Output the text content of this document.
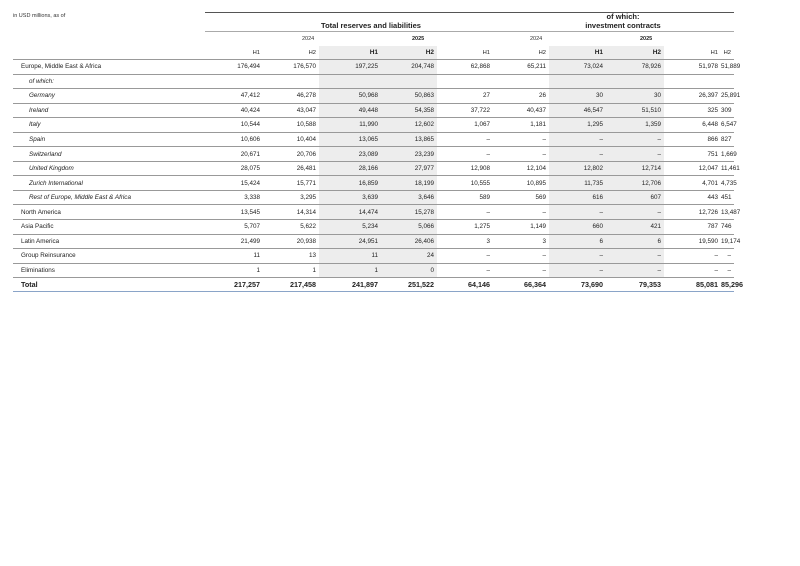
in USD millions, as of
Total reserves and liabilities
of which:
investment contracts
2024	2025	2024	2025
	H1	H2	H1	H2	H1	H2	H1	H2	H1	H2	
Europe, Middle East & Africa	176,494	176,570	197,225	204,748	62,868	65,211	73,024	78,926	51,978	51,889	
of which:											
Germany	47,412	46,278	50,968	50,863	27	26	30	30	26,397	25,891	
Ireland	40,424	43,047	49,448	54,358	37,722	40,437	46,547	51,510	325	309	
Italy	10,544	10,588	11,990	12,602	1,067	1,181	1,295	1,359	6,448	6,547	
Spain	10,606	10,404	13,065	13,865	–	–	–	–	866	827	
Switzerland	20,671	20,706	23,089	23,239	–	–	–	–	751	1,669	
United Kingdom	28,075	26,481	28,166	27,977	12,908	12,104	12,802	12,714	12,047	11,461	
Zurich International	15,424	15,771	16,859	18,199	10,555	10,895	11,735	12,706	4,701	4,735	
Rest of Europe, Middle East & Africa	3,338	3,295	3,639	3,646	589	569	616	607	443	451	
North America	13,545	14,314	14,474	15,278	–	–	–	–	12,726	13,487	
Asia Pacific	5,707	5,622	5,234	5,066	1,275	1,149	660	421	787	746	
Latin America	21,499	20,938	24,951	26,406	3	3	6	6	19,590	19,174	
Group Reinsurance	11	13	11	24	–	–	–	–	–	–	
Eliminations	1	1	1	0	–	–	–	–	–	–	
Total	217,257	217,458	241,897	251,522	64,146	66,364	73,690	79,353	85,081	85,296	
